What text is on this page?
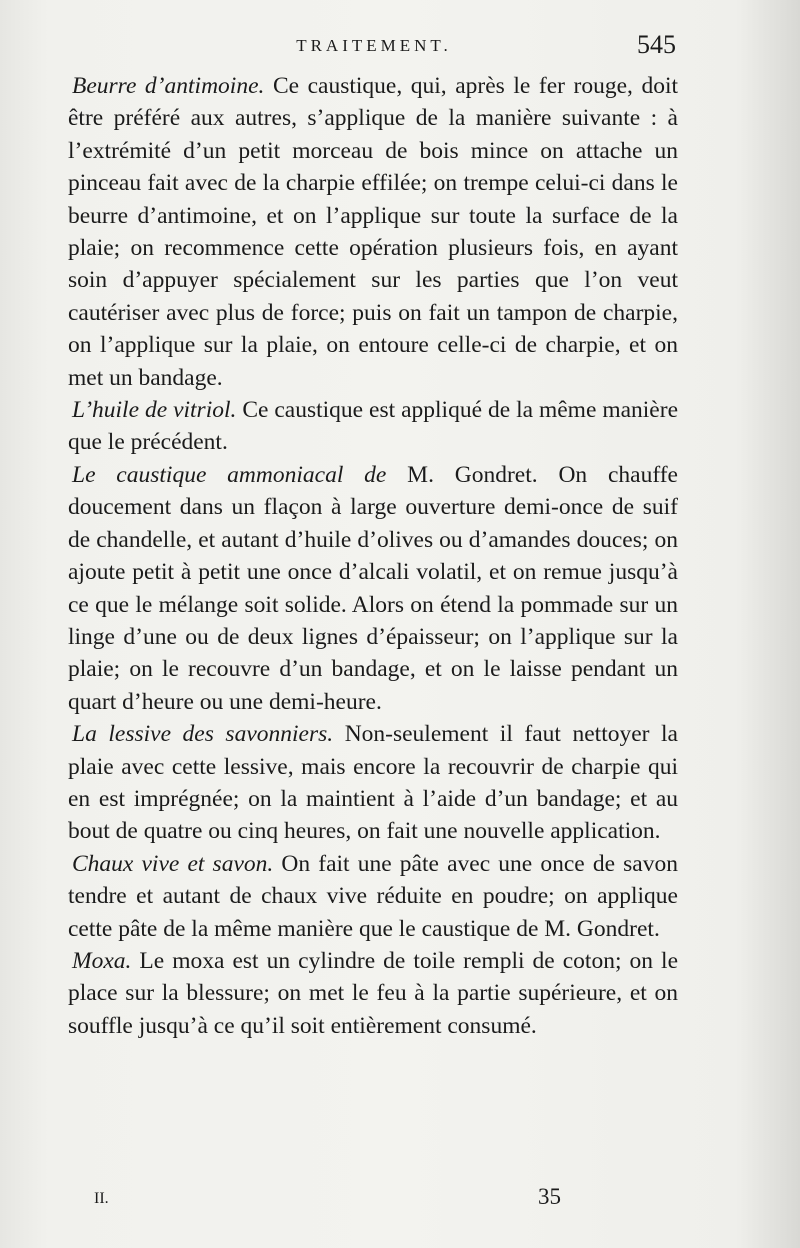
TRAITEMENT.	545

Beurre d’antimoine. Ce caustique, qui, après le fer rouge, doit être préféré aux autres, s’applique de la manière suivante : à l’extrémité d’un petit morceau de bois mince on attache un pinceau fait avec de la charpie effilée; on trempe celui-ci dans le beurre d’antimoine, et on l’applique sur toute la surface de la plaie; on recommence cette opération plusieurs fois, en ayant soin d’appuyer spécialement sur les parties que l’on veut cautériser avec plus de force; puis on fait un tampon de charpie, on l’applique sur la plaie, on entoure celle-ci de charpie, et on met un bandage.

L’huile de vitriol. Ce caustique est appliqué de la même manière que le précédent.

Le caustique ammoniacal de M. Gondret. On chauffe doucement dans un flaçon à large ouverture demi-once de suif de chandelle, et autant d’huile d’olives ou d’amandes douces; on ajoute petit à petit une once d’alcali volatil, et on remue jusqu’à ce que le mélange soit solide. Alors on étend la pommade sur un linge d’une ou de deux lignes d’épaisseur; on l’applique sur la plaie; on le recouvre d’un bandage, et on le laisse pendant un quart d’heure ou une demi-heure.

La lessive des savonniers. Non-seulement il faut nettoyer la plaie avec cette lessive, mais encore la recouvrir de charpie qui en est imprégnée; on la maintient à l’aide d’un bandage; et au bout de quatre ou cinq heures, on fait une nouvelle application.

Chaux vive et savon. On fait une pâte avec une once de savon tendre et autant de chaux vive réduite en poudre; on applique cette pâte de la même manière que le caustique de M. Gondret.

Moxa. Le moxa est un cylindre de toile rempli de coton; on le place sur la blessure; on met le feu à la partie supérieure, et on souffle jusqu’à ce qu’il soit entièrement consumé.

II.	35
